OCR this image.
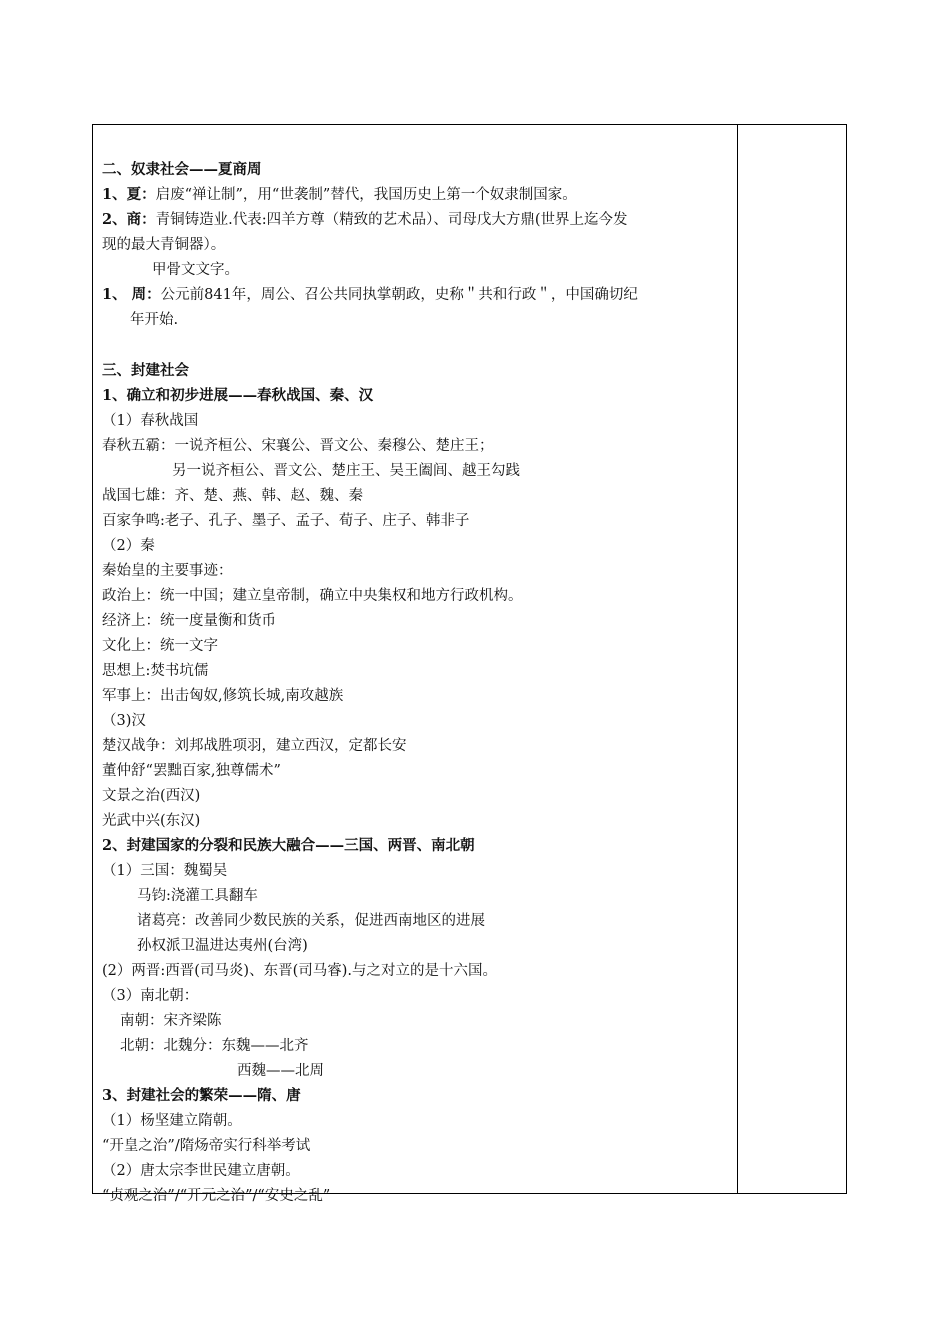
二、奴隶社会——夏商周
1、夏：启废“禅让制”，用“世袭制”替代，我国历史上第一个奴隶制国家。
2、商：青铜铸造业.代表:四羊方尊（精致的艺术品）、司母戊大方鼎(世界上迄今发
现的最大青铜器）。
甲骨文文字。
1、 周：公元前841年，周公、召公共同执掌朝政，史称＂共和行政＂，中国确切纪
年开始.
三、封建社会
1、确立和初步进展——春秋战国、秦、汉
（1）春秋战国
春秋五霸：一说齐桓公、宋襄公、晋文公、秦穆公、楚庄王；
另一说齐桓公、晋文公、楚庄王、吴王阖闾、越王勾践
战国七雄：齐、楚、燕、韩、赵、魏、秦
百家争鸣:老子、孔子、墨子、孟子、荀子、庄子、韩非子
（2）秦
秦始皇的主要事迹：
政治上：统一中国；建立皇帝制，确立中央集权和地方行政机构。
经济上：统一度量衡和货币
文化上：统一文字
思想上:焚书坑儒
军事上：出击匈奴,修筑长城,南攻越族
（3)汉
楚汉战争：刘邦战胜项羽，建立西汉，定都长安
董仲舒“罢黜百家,独尊儒术”
文景之治(西汉)
光武中兴(东汉)
2、封建国家的分裂和民族大融合——三国、两晋、南北朝
（1）三国：魏蜀吴
马钧:浇灌工具翻车
诸葛亮：改善同少数民族的关系，促进西南地区的进展
孙权派卫温进达夷州(台湾)
(2）两晋:西晋(司马炎)、东晋(司马睿).与之对立的是十六国。
（3）南北朝：
南朝：宋齐梁陈
北朝：北魏分：东魏——北齐
西魏——北周
3、封建社会的繁荣——隋、唐
（1）杨坚建立隋朝。
“开皇之治”/隋炀帝实行科举考试
（2）唐太宗李世民建立唐朝。
“贞观之治”/“开元之治”/“安史之乱”
